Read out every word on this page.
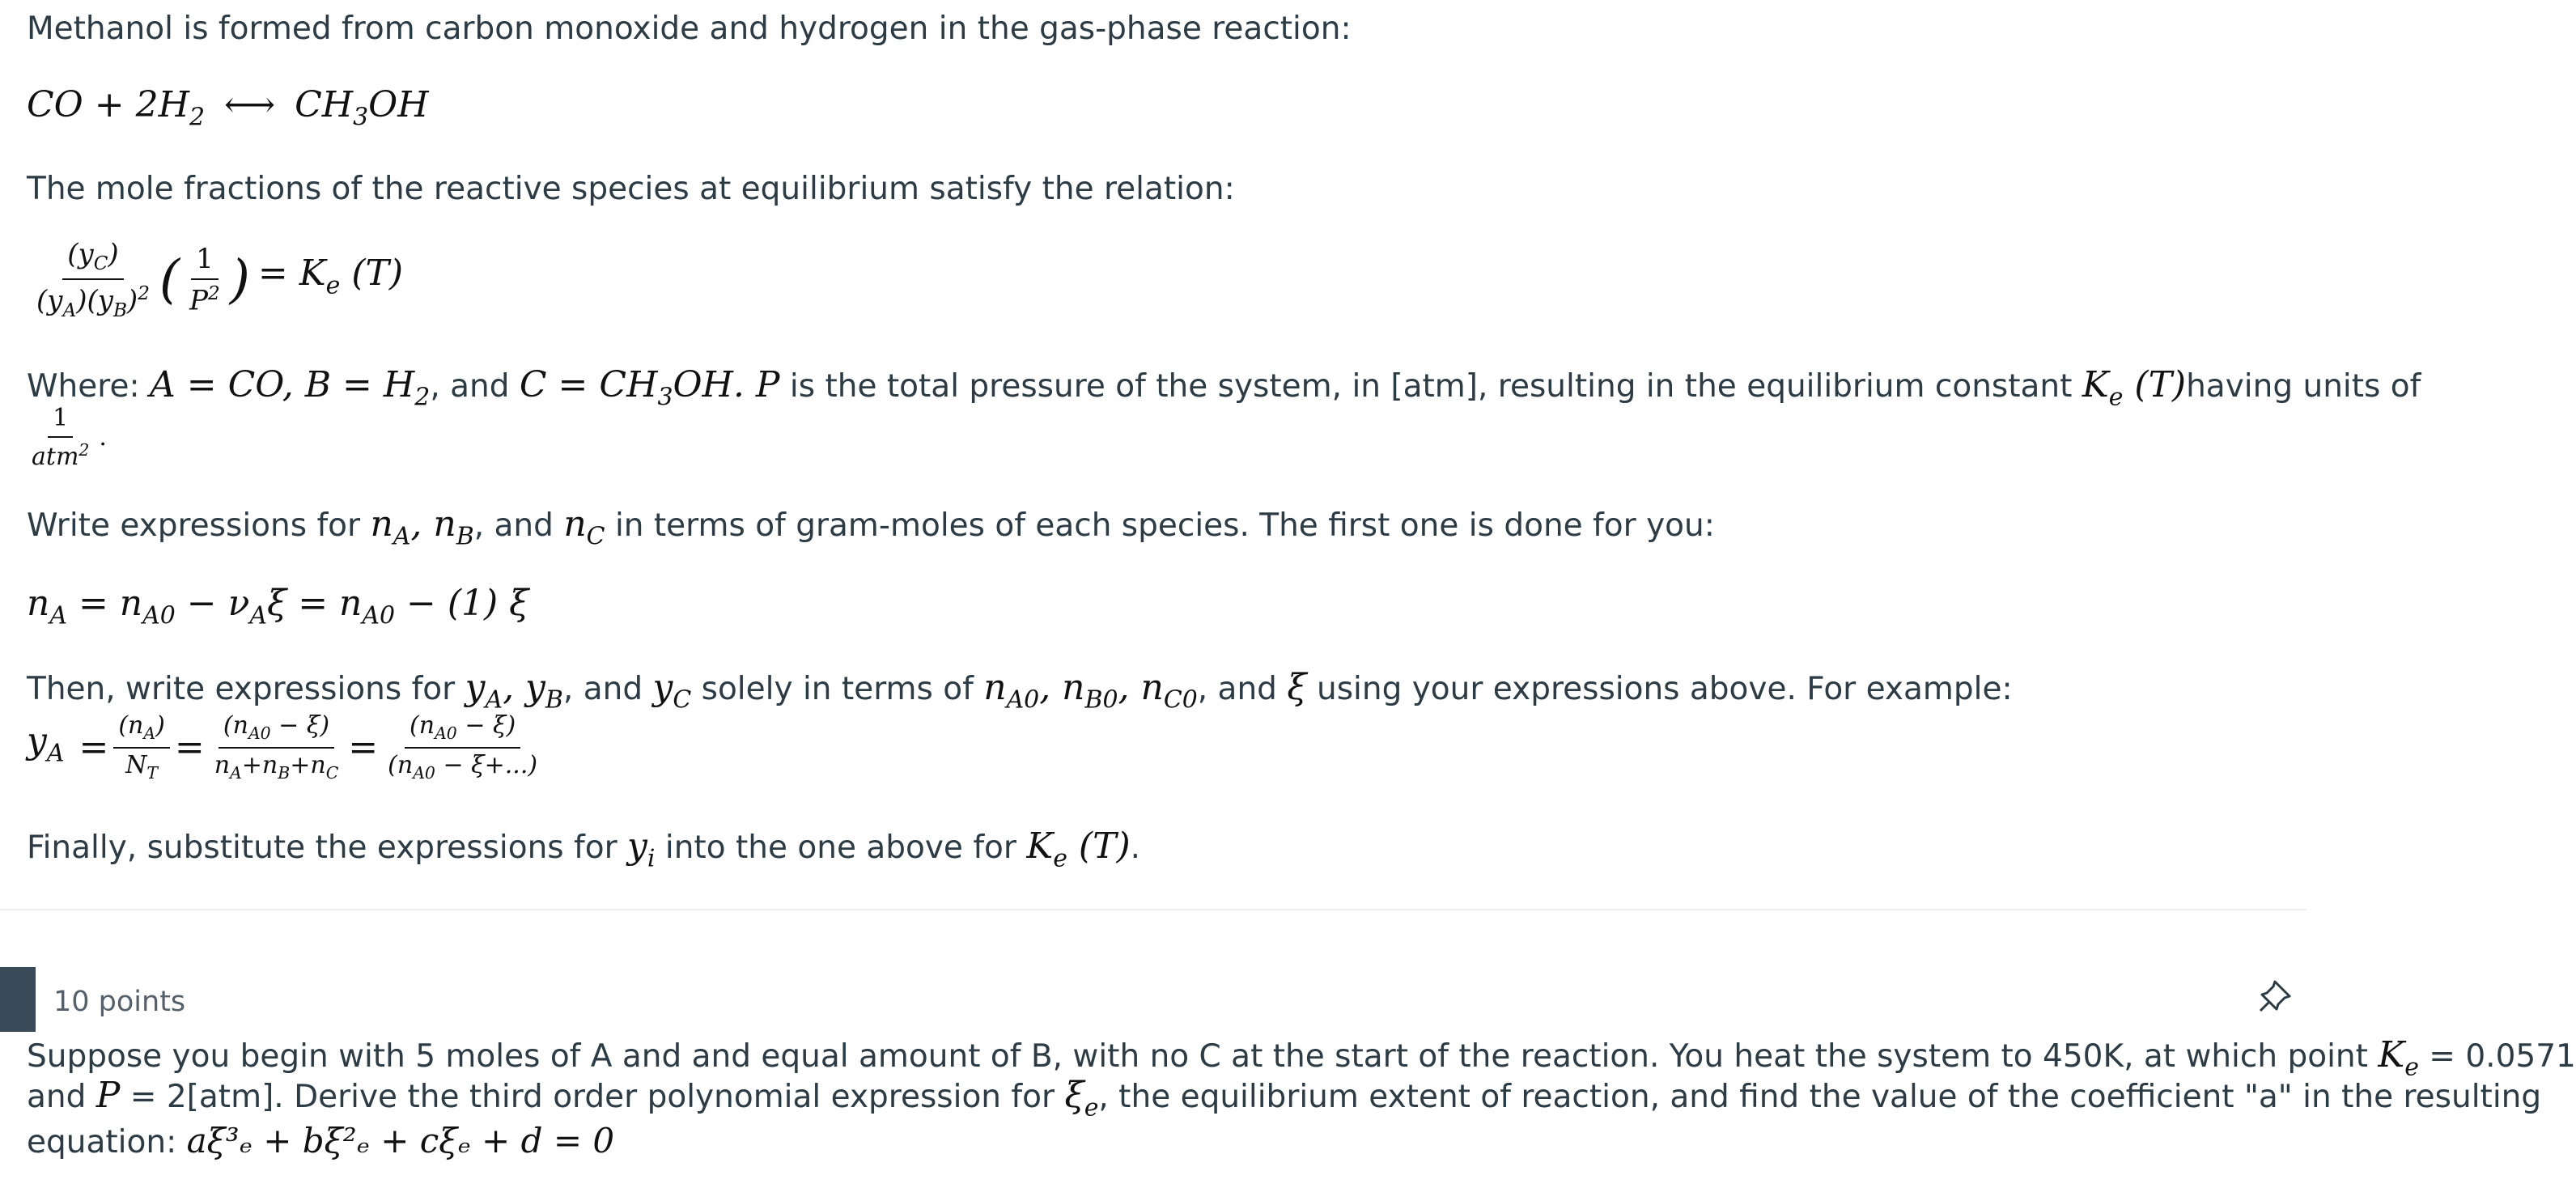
Methanol is formed from carbon monoxide and hydrogen in the gas-phase reaction:

CO + $2H_2$ ⟷ $CH_3OH$

The mole fractions of the reactive species at equilibrium satisfy the relation:

$\frac{(y_C)}{(y_A)(y_B)^2}$ ( $\frac{1}{P^2}$ ) = $K_e$ (T)
Where: A = CO, $B = H_2$, and $C = CH_3OH$. P is the total pressure of the system, in [atm], resulting in the equilibrium constant $K_e$ (T)having units of
$\frac{1}{atm^2}$ .
Write expressions for $n_A$, $n_B$, and $n_C$ in terms of gram-moles of each species. The first one is done for you:
$n_A = n_{A0} - \nu_A\xi = n_{A0} - (1)$ ξ
Then, write expressions for $y_A$, $y_B$, and $y_C$ solely in terms of $n_{A0}$, $n_{B0}$, $n_{C0}$, and ξ using your expressions above. For example:
$y_A = \frac{(n_A)}{N_T} = \frac{(n_{A0} - \xi)}{n_A+n_B+n_C} = \frac{(n_{A0} - \xi)}{(n_{A0} - \xi+...)}$
Finally, substitute the expressions for $y_i$ into the one above for $K_e$ (T).
10 points
Suppose you begin with 5 moles of A and and equal amount of B, with no C at the start of the reaction. You heat the system to 450K, at which point $K_e = 0.0571$
and P = 2[atm]. Derive the third order polynomial expression for $\xi_e$, the equilibrium extent of reaction, and find the value of the coefficient "a" in the resulting
equation: aξ³ₑ + bξ²ₑ + cξₑ + d = 0
